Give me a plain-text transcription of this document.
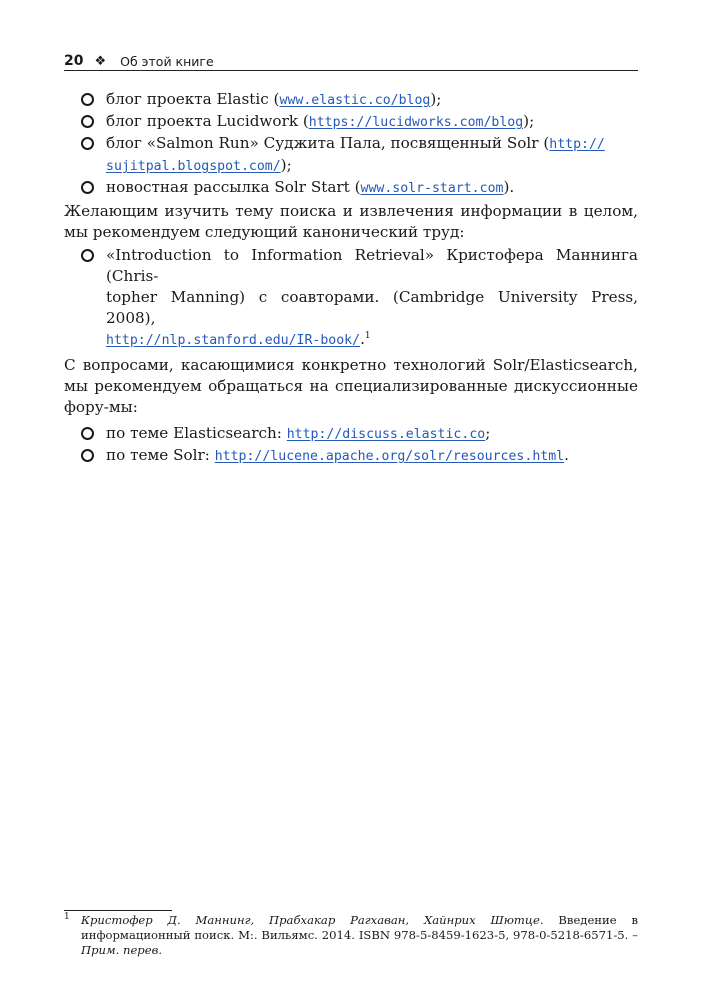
20 ❖ Об этой книге
блог проекта Elastic (www.elastic.co/blog);
блог проекта Lucidwork (https://lucidworks.com/blog);
блог «Salmon Run» Суджита Пала, посвященный Solr (http://
sujitpal.blogspot.com/);
новостная рассылка Solr Start (www.solr-start.com).

Желающим изучить тему поиска и извлечения информации в целом, мы рекомендуем следующий канонический труд:

«Introduction to Information Retrieval» Кристофера Маннинга (Chris-
topher Manning) с соавторами. (Cambridge University Press, 2008),
http://nlp.stanford.edu/IR-book/.$^1$

С вопросами, касающимися конкретно технологий Solr/Elasticsearch, мы рекомендуем обращаться на специализированные дискуссионные фору-мы:

по теме Elasticsearch: http://discuss.elastic.co;
по теме Solr: http://lucene.apache.org/solr/resources.html.
1 Кристофер Д. Маннинг, Прабхакар Рагхаван, Хайнрих Шютце. Введение в информационный поиск. М:. Вильямс. 2014. ISBN 978-5-8459-1623-5, 978-0-5218-6571-5. – Прим. перев.
